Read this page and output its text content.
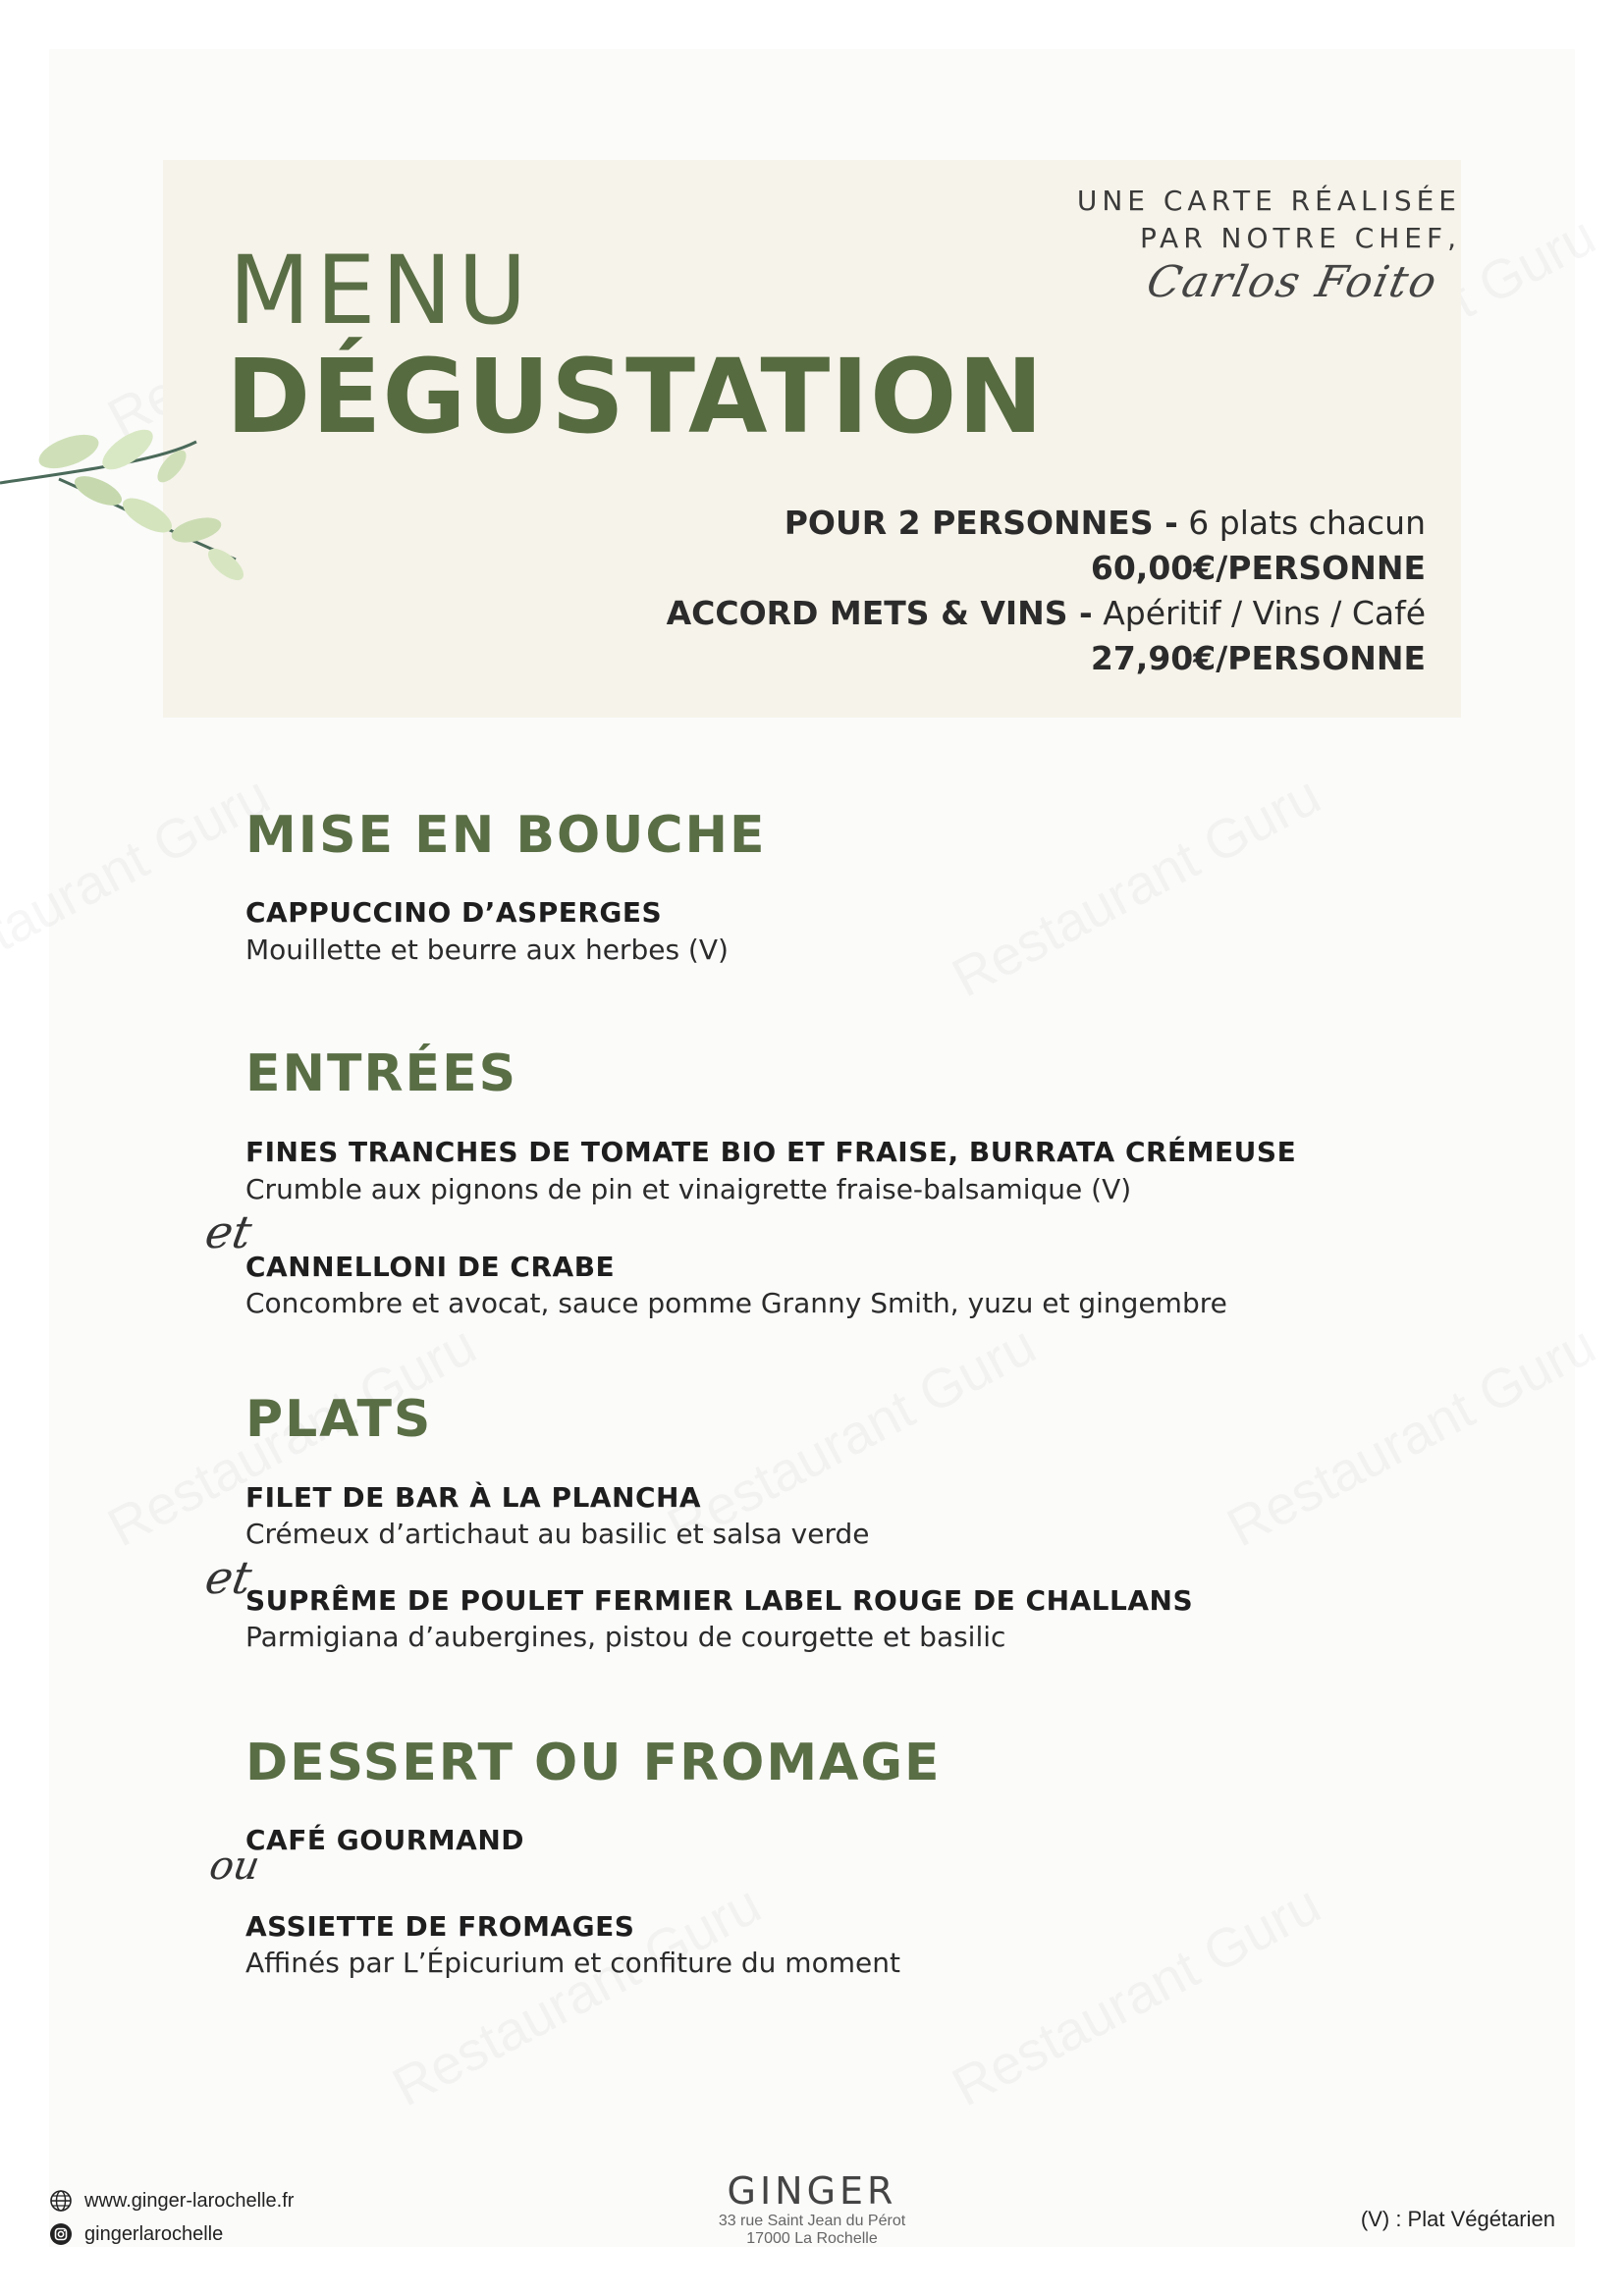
MENU
DÉGUSTATION
UNE CARTE RÉALISÉE
PAR NOTRE CHEF,
Carlos Foito
POUR 2 PERSONNES - 6 plats chacun
60,00€/PERSONNE
ACCORD METS & VINS - Apéritif / Vins / Café
27,90€/PERSONNE
MISE EN BOUCHE
CAPPUCCINO D’ASPERGES
Mouillette et beurre aux herbes (V)
ENTRÉES
FINES TRANCHES DE TOMATE BIO ET FRAISE, BURRATA CRÉMEUSE
Crumble aux pignons de pin et vinaigrette fraise-balsamique (V)
et
CANNELLONI DE CRABE
Concombre et avocat, sauce pomme Granny Smith, yuzu et gingembre
PLATS
FILET DE BAR À LA PLANCHA
Crémeux d’artichaut au basilic et salsa verde
et
SUPRÊME DE POULET FERMIER LABEL ROUGE DE CHALLANS
Parmigiana d’aubergines, pistou de courgette et basilic
DESSERT OU FROMAGE
CAFÉ GOURMAND
ou
ASSIETTE DE FROMAGES
Affinés par L’Épicurium et confiture du moment
www.ginger-larochelle.fr
gingerlarochelle
GINGER
33 rue Saint Jean du Pérot
17000 La Rochelle
(V) : Plat Végétarien
